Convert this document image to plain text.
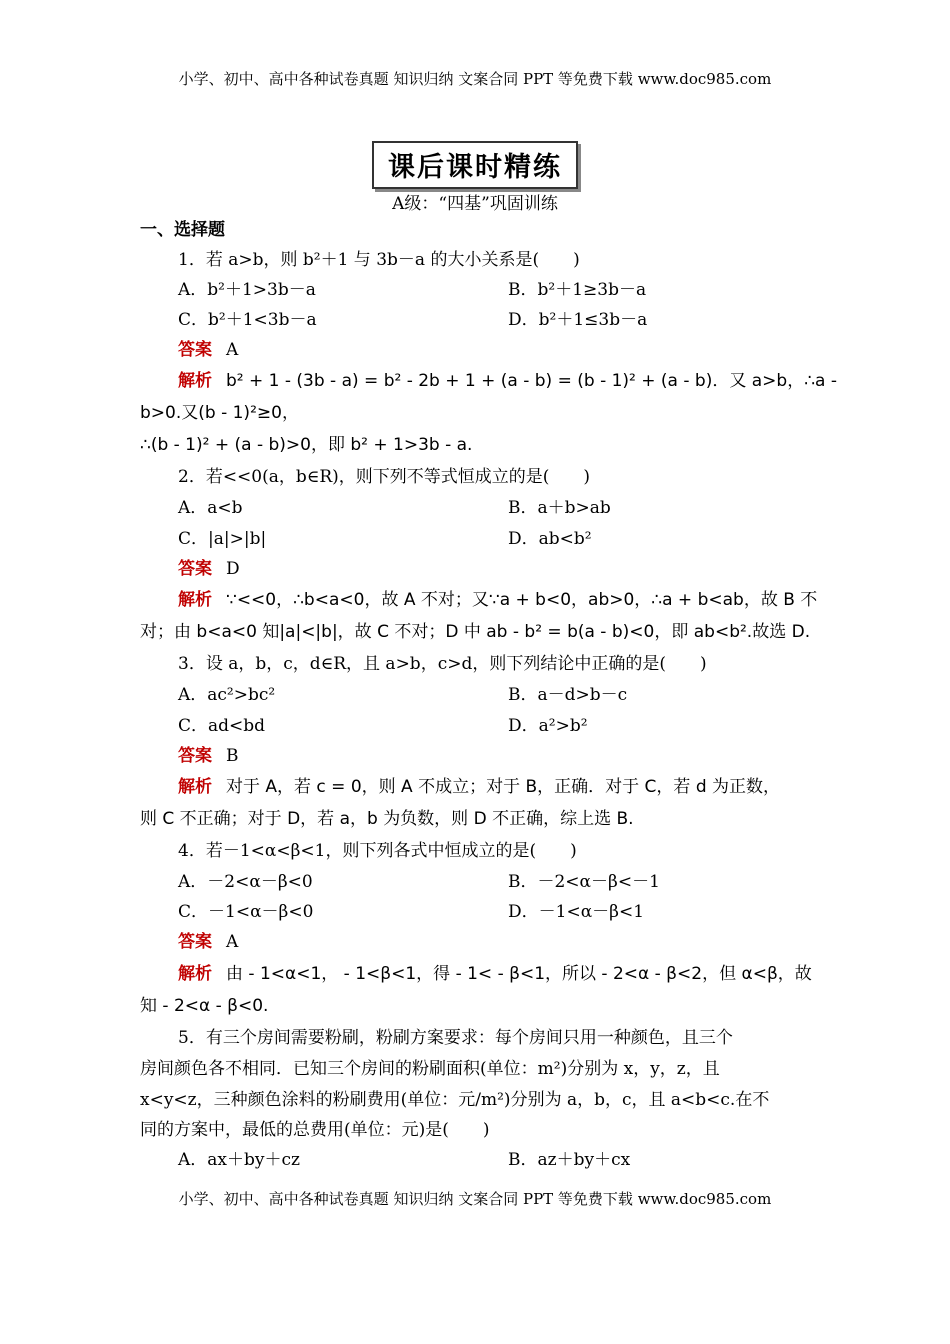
小学、初中、高中各种试卷真题 知识归纳 文案合同 PPT 等免费下载 www.doc985.com
课后课时精练
A级：“四基”巩固训练
一、选择题
1．若 a>b，则 b²＋1 与 3b－a 的大小关系是(　　)
A．b²＋1>3b－a	B．b²＋1≥3b－a
C．b²＋1<3b－a	D．b²＋1≤3b－a
答案 A
解析 b² + 1 - (3b - a) = b² - 2b + 1 + (a - b) = (b - 1)² + (a - b)．又 a>b，∴a -
b>0.又(b - 1)²≥0，
∴(b - 1)² + (a - b)>0，即 b² + 1>3b - a.
2．若<<0(a，b∈R)，则下列不等式恒成立的是(　　)
A．a<b	B．a＋b>ab
C．|a|>|b|	D．ab<b²
答案 D
解析 ∵<<0，∴b<a<0，故 A 不对；又∵a + b<0，ab>0，∴a + b<ab，故 B 不
对；由 b<a<0 知|a|<|b|，故 C 不对；D 中 ab - b² = b(a - b)<0，即 ab<b².故选 D.
3．设 a，b，c，d∈R，且 a>b，c>d，则下列结论中正确的是(　　)
A．ac²>bc²	B．a－d>b－c
C．ad<bd	D．a²>b²
答案 B
解析 对于 A，若 c = 0，则 A 不成立；对于 B，正确．对于 C，若 d 为正数，
则 C 不正确；对于 D，若 a，b 为负数，则 D 不正确，综上选 B.
4．若－1<α<β<1，则下列各式中恒成立的是(　　)
A．－2<α－β<0	B．－2<α－β<－1
C．－1<α－β<0	D．－1<α－β<1
答案 A
解析 由 - 1<α<1， - 1<β<1，得 - 1< - β<1，所以 - 2<α - β<2，但 α<β，故
知 - 2<α - β<0.
5．有三个房间需要粉刷，粉刷方案要求：每个房间只用一种颜色，且三个
房间颜色各不相同．已知三个房间的粉刷面积(单位：m²)分别为 x，y，z，且
x<y<z，三种颜色涂料的粉刷费用(单位：元/m²)分别为 a，b，c，且 a<b<c.在不
同的方案中，最低的总费用(单位：元)是(　　)
A．ax＋by＋cz	B．az＋by＋cx
小学、初中、高中各种试卷真题 知识归纳 文案合同 PPT 等免费下载 www.doc985.com
